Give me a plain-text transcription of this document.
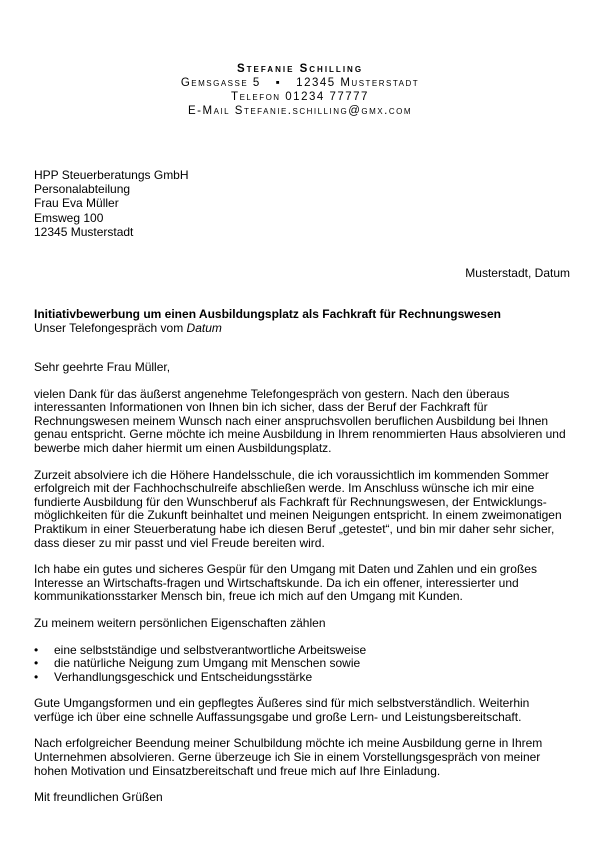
Stefanie Schilling
Gemsgasse 5 ▪ 12345 Musterstadt
Telefon 01234 77777
E-Mail Stefanie.schilling@gmx.com
HPP Steuerberatungs GmbH
Personalabteilung
Frau Eva Müller
Emsweg 100
12345 Musterstadt
Musterstadt, Datum
Initiativbewerbung um einen Ausbildungsplatz als Fachkraft für Rechnungswesen
Unser Telefongespräch vom Datum

Sehr geehrte Frau Müller,

vielen Dank für das äußerst angenehme Telefongespräch von gestern. Nach den überaus interessanten Informationen von Ihnen bin ich sicher, dass der Beruf der Fachkraft für Rechnungswesen meinem Wunsch nach einer anspruchsvollen beruflichen Ausbildung bei Ihnen genau entspricht. Gerne möchte ich meine Ausbildung in Ihrem renommierten Haus absolvieren und bewerbe mich daher hiermit um einen Ausbildungsplatz.

Zurzeit absolviere ich die Höhere Handelsschule, die ich voraussichtlich im kommenden Sommer erfolgreich mit der Fachhochschulreife abschließen werde. Im Anschluss wünsche ich mir eine fundierte Ausbildung für den Wunschberuf als Fachkraft für Rechnungswesen, der Entwicklungs-möglichkeiten für die Zukunft beinhaltet und meinen Neigungen entspricht. In einem zweimonatigen Praktikum in einer Steuerberatung habe ich diesen Beruf „getestet“, und bin mir daher sehr sicher, dass dieser zu mir passt und viel Freude bereiten wird.

Ich habe ein gutes und sicheres Gespür für den Umgang mit Daten und Zahlen und ein großes Interesse an Wirtschafts-fragen und Wirtschaftskunde. Da ich ein offener, interessierter und kommunikationsstarker Mensch bin, freue ich mich auf den Umgang mit Kunden.

Zu meinem weitern persönlichen Eigenschaften zählen

• eine selbstständige und selbstverantwortliche Arbeitsweise
• die natürliche Neigung zum Umgang mit Menschen sowie
• Verhandlungsgeschick und Entscheidungsstärke

Gute Umgangsformen und ein gepflegtes Äußeres sind für mich selbstverständlich. Weiterhin verfüge ich über eine schnelle Auffassungsgabe und große Lern- und Leistungsbereitschaft.

Nach erfolgreicher Beendung meiner Schulbildung möchte ich meine Ausbildung gerne in Ihrem Unternehmen absolvieren. Gerne überzeuge ich Sie in einem Vorstellungsgespräch von meiner hohen Motivation und Einsatzbereitschaft und freue mich auf Ihre Einladung.

Mit freundlichen Grüßen
